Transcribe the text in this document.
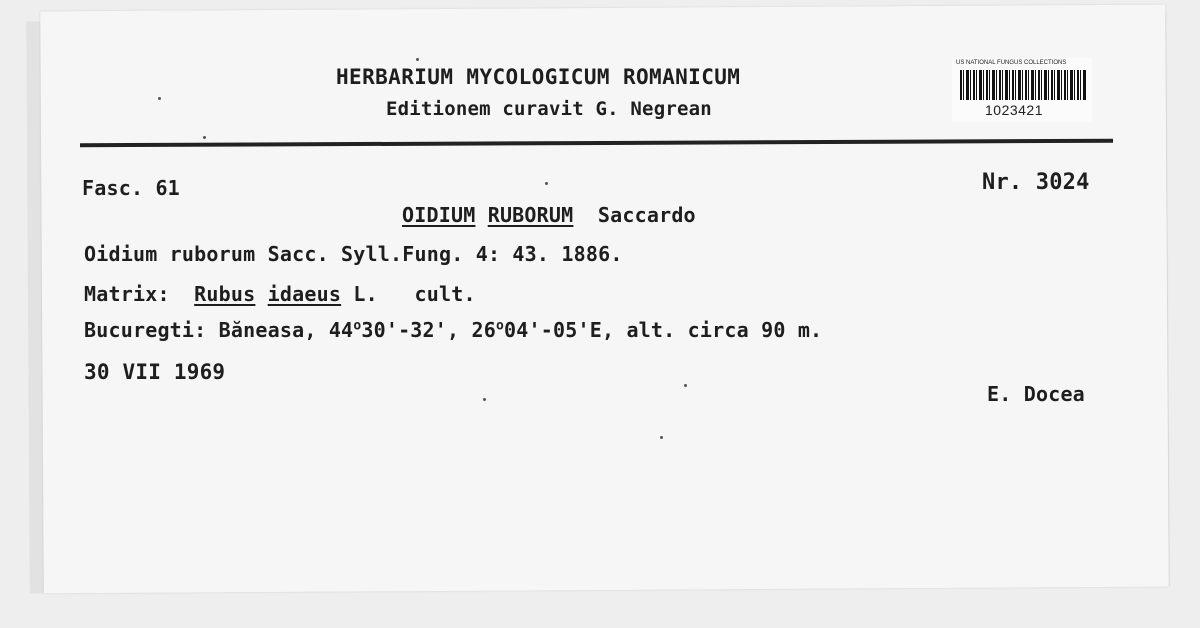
HERBARIUM MYCOLOGICUM ROMANICUM
Editionem curavit G. Negrean
US NATIONAL FUNGUS COLLECTIONS
1023421
Fasc. 61	Nr. 3024
OIDIUM RUBORUM Saccardo
Oidium ruborum Sacc. Syll.Fung. 4: 43. 1886.
Matrix: Rubus idaeus L.   cult.
Bucuregti: Băneasa, 44$^o$30'-32', 26$^o$04'-05'E, alt. circa 90 m.
30 VII 1969
E. Docea
